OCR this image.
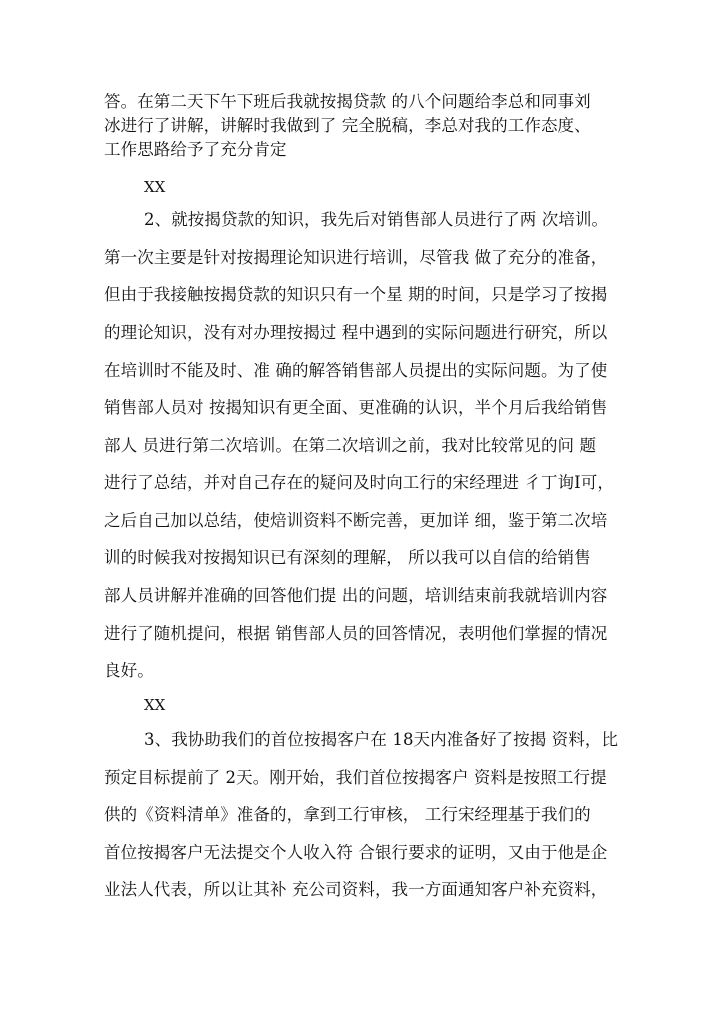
答。在第二天下午下班后我就按揭贷款 的八个问题给李总和同事刘
冰进行了讲解，讲解时我做到了 完全脱稿，李总对我的工作态度、
工作思路给予了充分肯定
XX
2、就按揭贷款的知识，我先后对销售部人员进行了两 次培训。
第一次主要是针对按揭理论知识进行培训，尽管我 做了充分的准备，
但由于我接触按揭贷款的知识只有一个星 期的时间，只是学习了按揭
的理论知识，没有对办理按揭过 程中遇到的实际问题进行研究，所以
在培训时不能及时、准 确的解答销售部人员提出的实际问题。为了使
销售部人员对 按揭知识有更全面、更准确的认识，半个月后我给销售
部人 员进行第二次培训。在第二次培训之前，我对比较常见的问 题
进行了总结，并对自己存在的疑问及时向工行的宋经理进 彳丁询I可，
之后自己加以总结，使焙训资料不断完善，更加详 细，鉴于第二次培
训的时候我对按揭知识已有深刻的理解， 所以我可以自信的给销售
部人员讲解并准确的回答他们提 出的问题，培训结束前我就培训内容
进行了随机提问，根据 销售部人员的回答情况，表明他们掌握的情况
良好。
XX
3、我协助我们的首位按揭客户在 18天内准备好了按揭 资料，比
预定目标提前了 2天。刚开始，我们首位按揭客户 资料是按照工行提
供的《资料清单》准备的，拿到工行审核， 工行宋经理基于我们的
首位按揭客户无法提交个人收入符 合银行要求的证明，又由于他是企
业法人代表，所以让其补 充公司资料，我一方面通知客户补充资料，
